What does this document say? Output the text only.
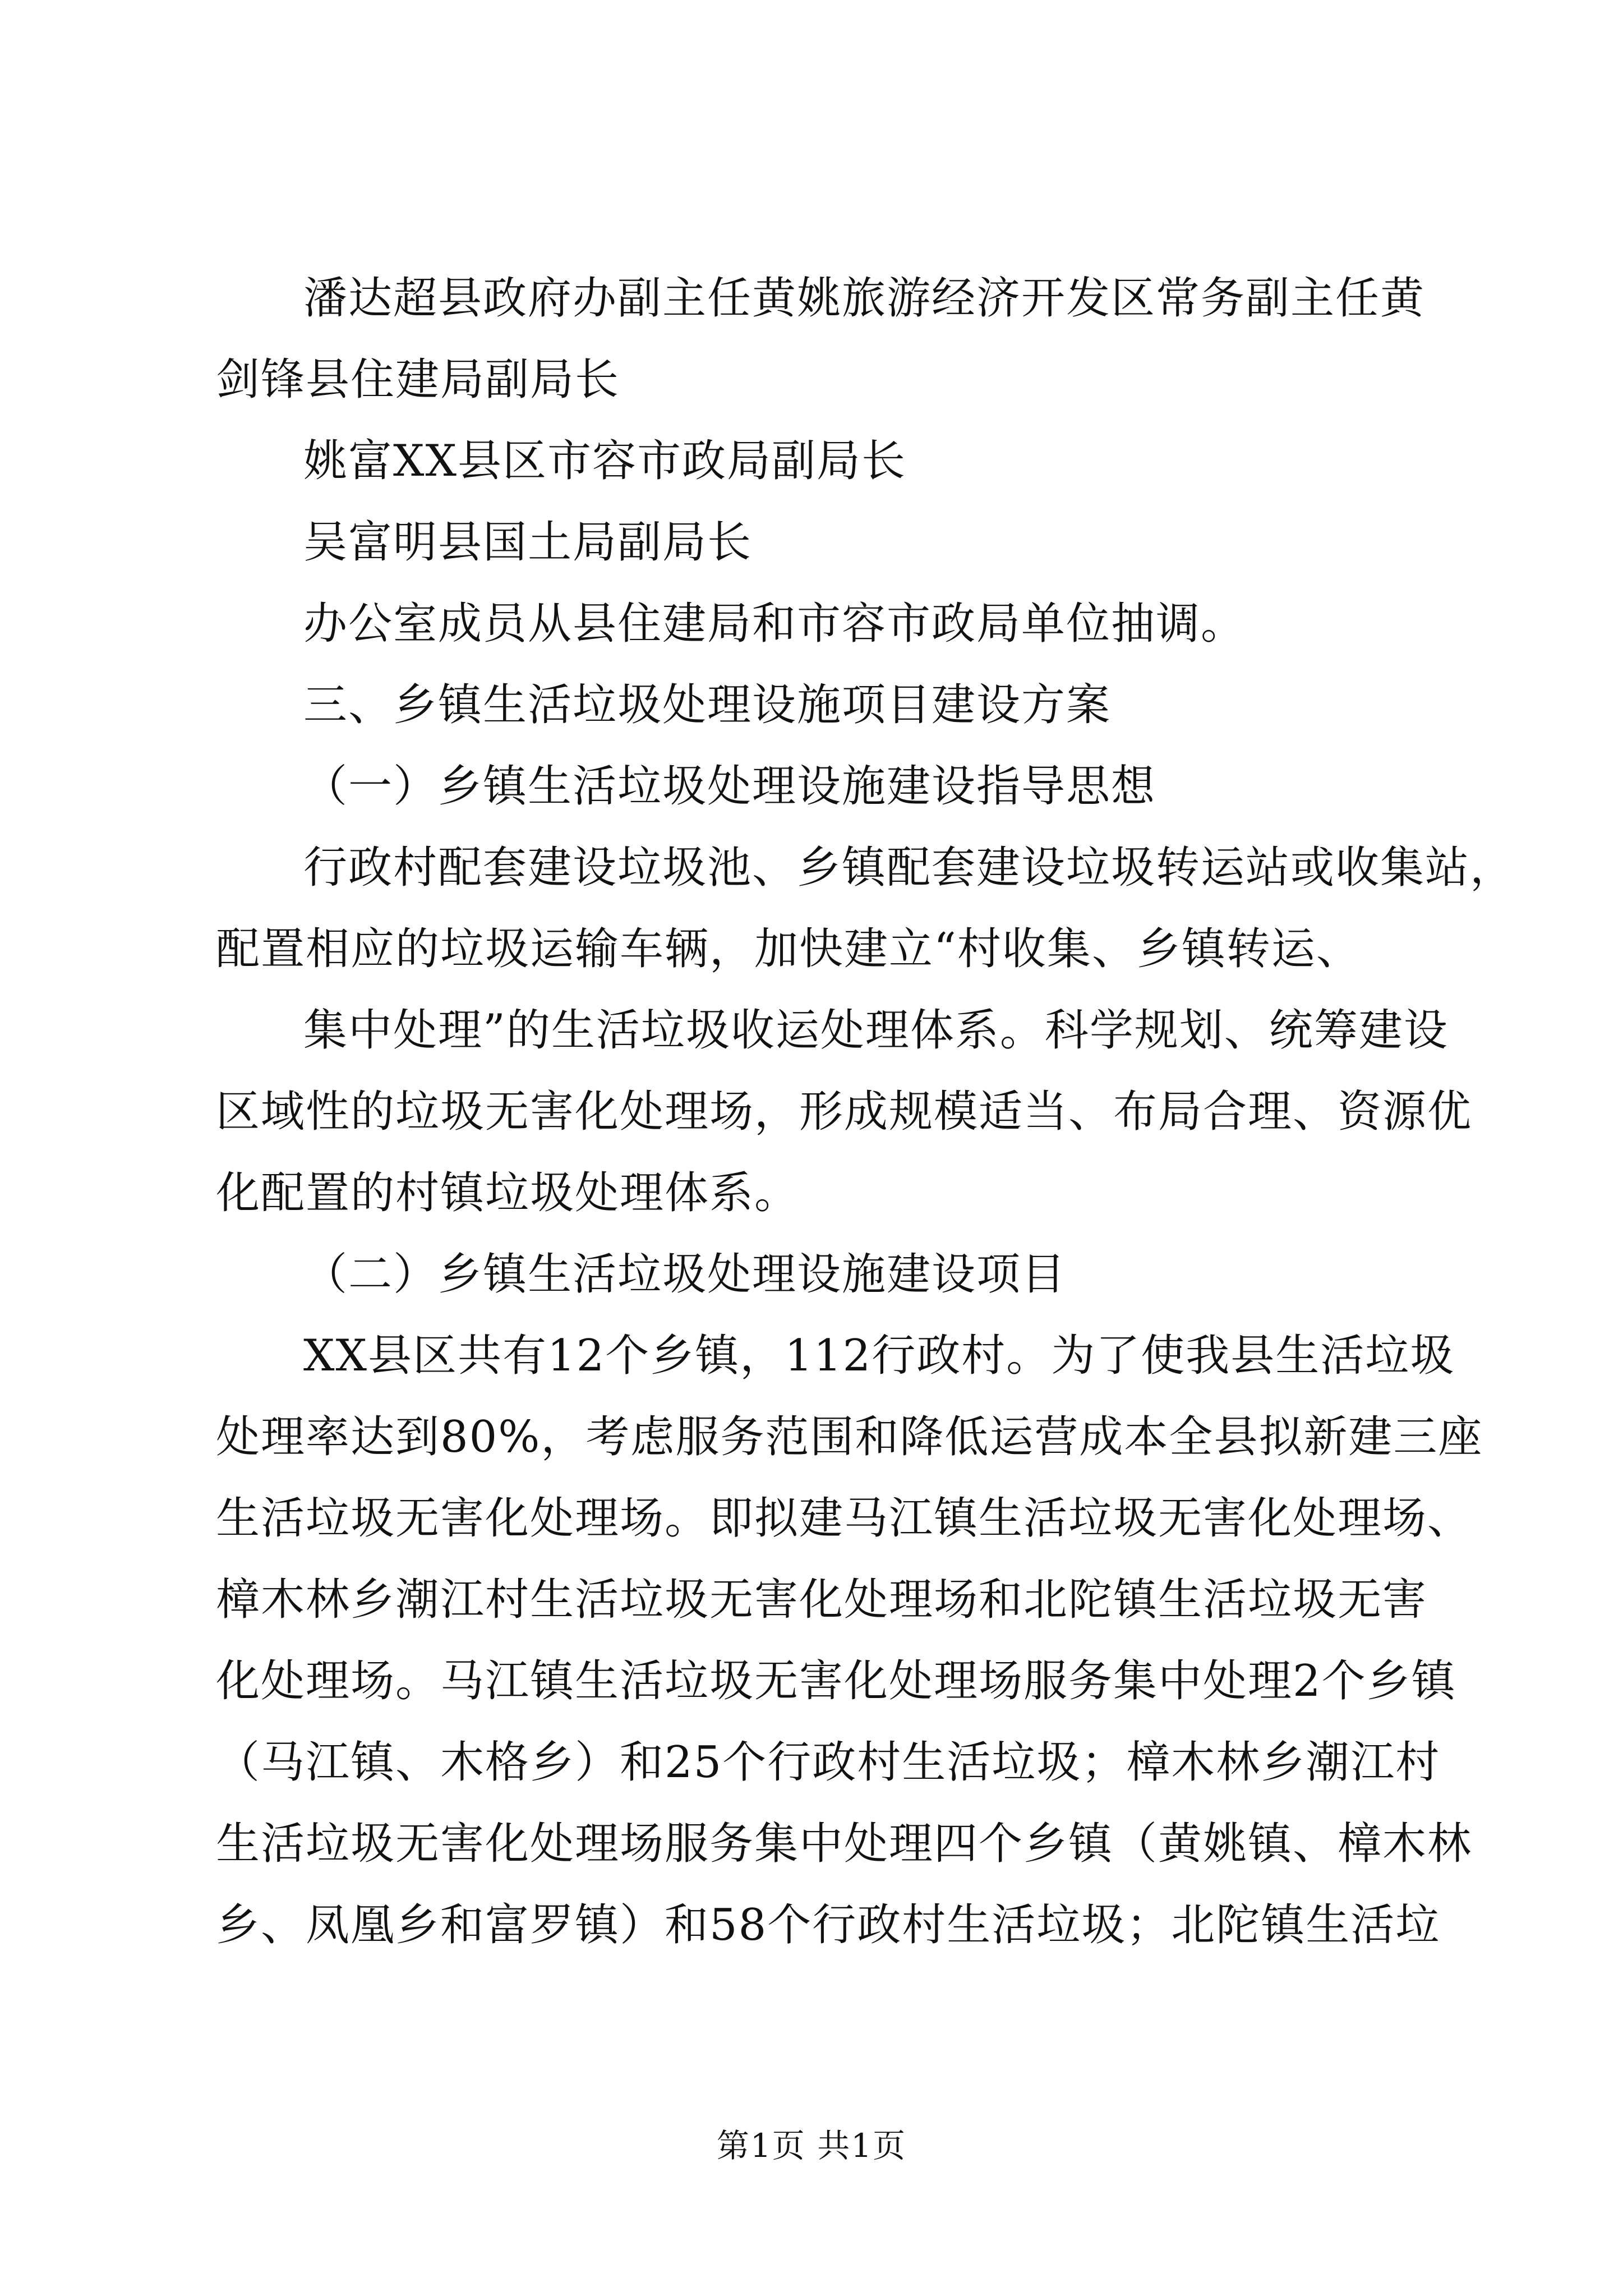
潘达超县政府办副主任黄姚旅游经济开发区常务副主任黄

剑锋县住建局副局长

姚富XX县区市容市政局副局长

吴富明县国土局副局长

办公室成员从县住建局和市容市政局单位抽调。

三、乡镇生活垃圾处理设施项目建设方案

（一）乡镇生活垃圾处理设施建设指导思想

行政村配套建设垃圾池、乡镇配套建设垃圾转运站或收集站，

配置相应的垃圾运输车辆，加快建立“村收集、乡镇转运、

集中处理”的生活垃圾收运处理体系。科学规划、统筹建设

区域性的垃圾无害化处理场，形成规模适当、布局合理、资源优

化配置的村镇垃圾处理体系。

（二）乡镇生活垃圾处理设施建设项目

XX县区共有12个乡镇，112行政村。为了使我县生活垃圾

处理率达到80%，考虑服务范围和降低运营成本全县拟新建三座

生活垃圾无害化处理场。即拟建马江镇生活垃圾无害化处理场、

樟木林乡潮江村生活垃圾无害化处理场和北陀镇生活垃圾无害

化处理场。马江镇生活垃圾无害化处理场服务集中处理2个乡镇

（马江镇、木格乡）和25个行政村生活垃圾；樟木林乡潮江村

生活垃圾无害化处理场服务集中处理四个乡镇（黄姚镇、樟木林

乡、凤凰乡和富罗镇）和58个行政村生活垃圾；北陀镇生活垃

第1页 共1页
